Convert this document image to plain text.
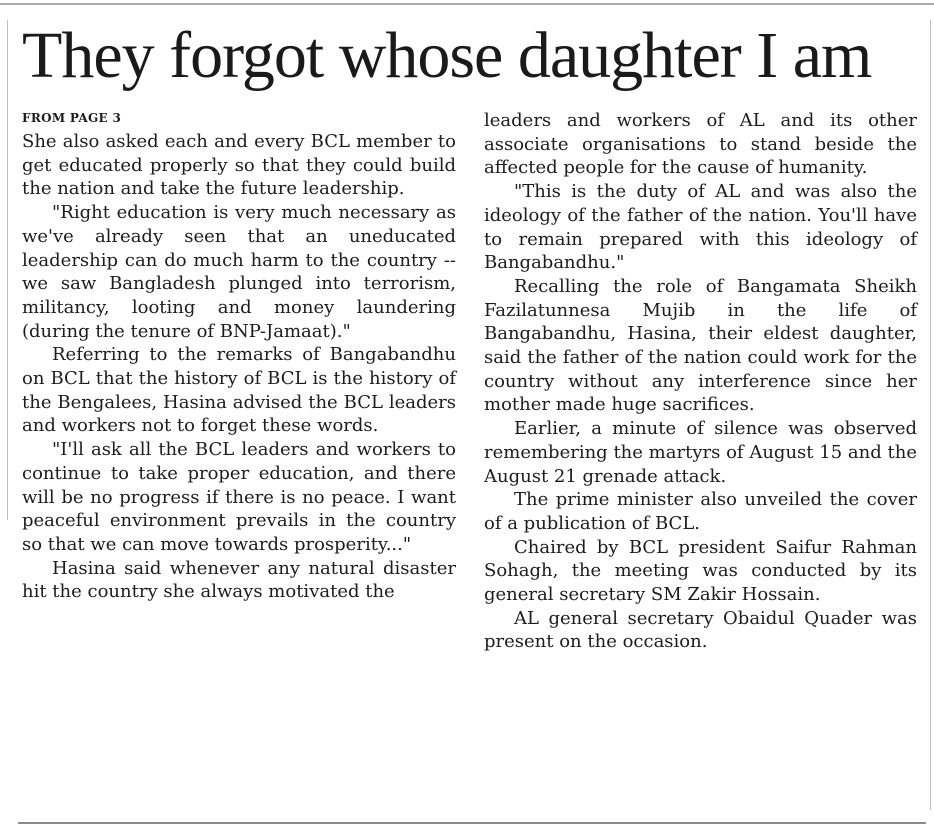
They forgot whose daughter I am
FROM PAGE 3

She also asked each and every BCL member to get educated properly so that they could build the nation and take the future leadership.

"Right education is very much necessary as we've already seen that an uneducated leadership can do much harm to the country -- we saw Bangladesh plunged into terrorism, militancy, looting and money laundering (during the tenure of BNP-Jamaat)."

Referring to the remarks of Bangabandhu on BCL that the history of BCL is the history of the Bengalees, Hasina advised the BCL leaders and workers not to forget these words.

"I'll ask all the BCL leaders and workers to continue to take proper education, and there will be no progress if there is no peace. I want peaceful environment prevails in the country so that we can move towards prosperity..."

Hasina said whenever any natural disaster hit the country she always motivated the

leaders and workers of AL and its other associate organisations to stand beside the affected people for the cause of humanity.

"This is the duty of AL and was also the ideology of the father of the nation. You'll have to remain prepared with this ideology of Bangabandhu."

Recalling the role of Bangamata Sheikh Fazilatunnesa Mujib in the life of Bangabandhu, Hasina, their eldest daughter, said the father of the nation could work for the country without any interference since her mother made huge sacrifices.

Earlier, a minute of silence was observed remembering the martyrs of August 15 and the August 21 grenade attack.

The prime minister also unveiled the cover of a publication of BCL.

Chaired by BCL president Saifur Rahman Sohagh, the meeting was conducted by its general secretary SM Zakir Hossain.

AL general secretary Obaidul Quader was present on the occasion.
